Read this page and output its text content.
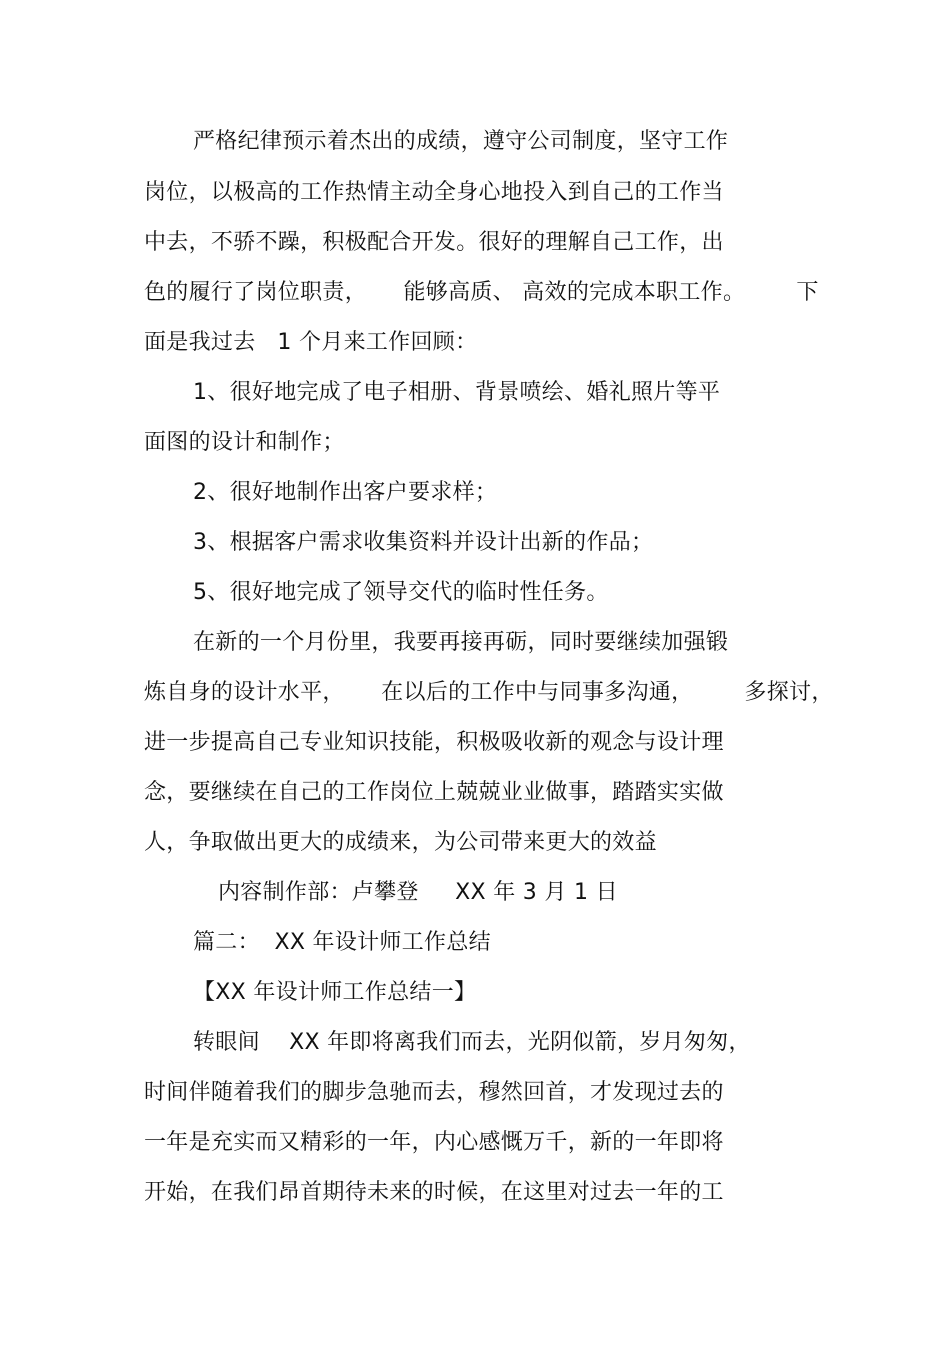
严格纪律预示着杰出的成绩，遵守公司制度，坚守工作
岗位，以极高的工作热情主动全身心地投入到自己的工作当
中去，不骄不躁，积极配合开发。很好的理解自己工作，出
色的履行了岗位职责，     能够高质、 高效的完成本职工作。       下
面是我过去   1 个月来工作回顾：
1、很好地完成了电子相册、背景喷绘、婚礼照片等平
面图的设计和制作；
2、很好地制作出客户要求样；
3、根据客户需求收集资料并设计出新的作品；
5、很好地完成了领导交代的临时性任务。
在新的一个月份里，我要再接再砺，同时要继续加强锻
炼自身的设计水平，     在以后的工作中与同事多沟通，       多探讨，
进一步提高自己专业知识技能，积极吸收新的观念与设计理
念，要继续在自己的工作岗位上兢兢业业做事，踏踏实实做
人，争取做出更大的成绩来，为公司带来更大的效益
内容制作部：卢攀登     XX 年 3 月 1 日
篇二：  XX 年设计师工作总结
【XX 年设计师工作总结一】
转眼间    XX 年即将离我们而去，光阴似箭，岁月匆匆，
时间伴随着我们的脚步急驰而去，穆然回首，才发现过去的
一年是充实而又精彩的一年，内心感慨万千，新的一年即将
开始，在我们昂首期待未来的时候，在这里对过去一年的工
